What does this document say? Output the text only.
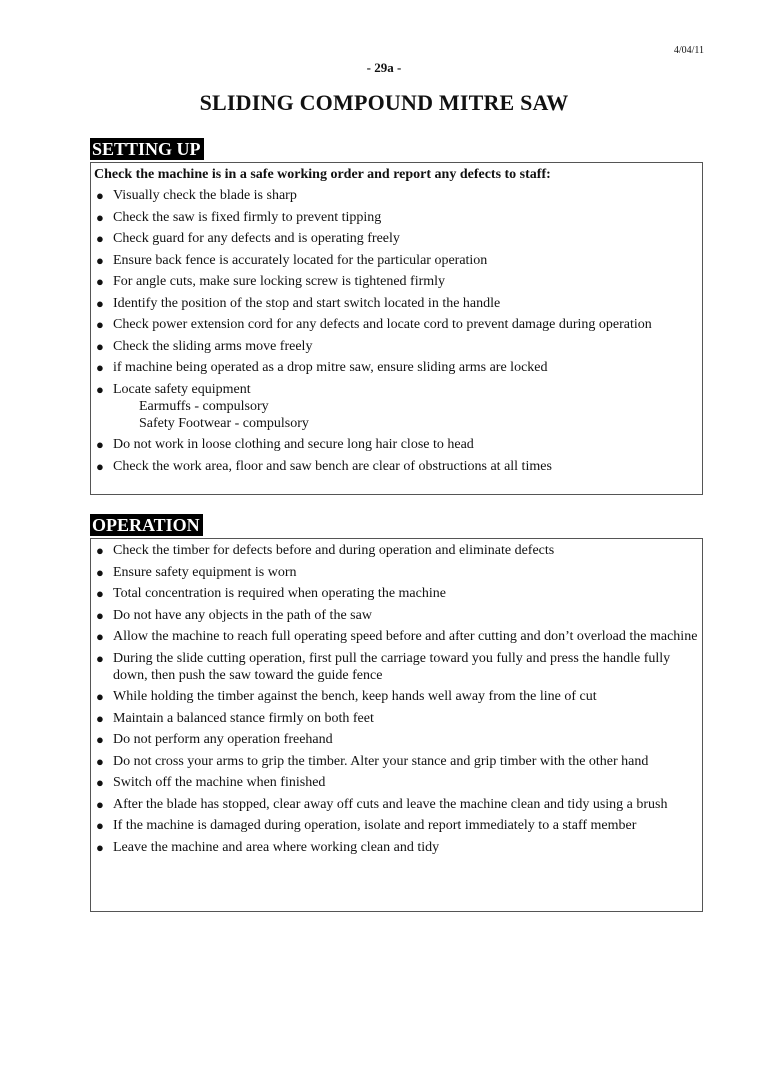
4/04/11
- 29a -
SLIDING COMPOUND MITRE SAW
SETTING UP
Check the machine is in a safe working order and report any defects to staff:
● Visually check the blade is sharp
● Check the saw is fixed firmly to prevent tipping
● Check guard for any defects and is operating freely
● Ensure back fence is accurately located for the particular operation
● For angle cuts, make sure locking screw is tightened firmly
● Identify the position of the stop and start switch located in the handle
● Check power extension cord for any defects and locate cord to prevent damage during operation
● Check the sliding arms move freely
● if machine being operated as a drop mitre saw, ensure sliding arms are locked
● Locate safety equipment
Earmuffs - compulsory
Safety Footwear - compulsory
● Do not work in loose clothing and secure long hair close to head
● Check the work area, floor and saw bench are clear of obstructions at all times
OPERATION
● Check the timber for defects before and during operation and eliminate defects
● Ensure safety equipment is worn
● Total concentration is required when operating the machine
● Do not have any objects in the path of the saw
● Allow the machine to reach full operating speed before and after cutting and don’t overload the machine
● During the slide cutting operation, first pull the carriage toward you fully and press the handle fully down, then push the saw toward the guide fence
● While holding the timber against the bench, keep hands well away from the line of cut
● Maintain a balanced stance firmly on both feet
● Do not perform any operation freehand
● Do not cross your arms to grip the timber. Alter your stance and grip timber with the other hand
● Switch off the machine when finished
● After the blade has stopped, clear away off cuts and leave the machine clean and tidy using a brush
● If the machine is damaged during operation, isolate and report immediately to a staff member
● Leave the machine and area where working clean and tidy
